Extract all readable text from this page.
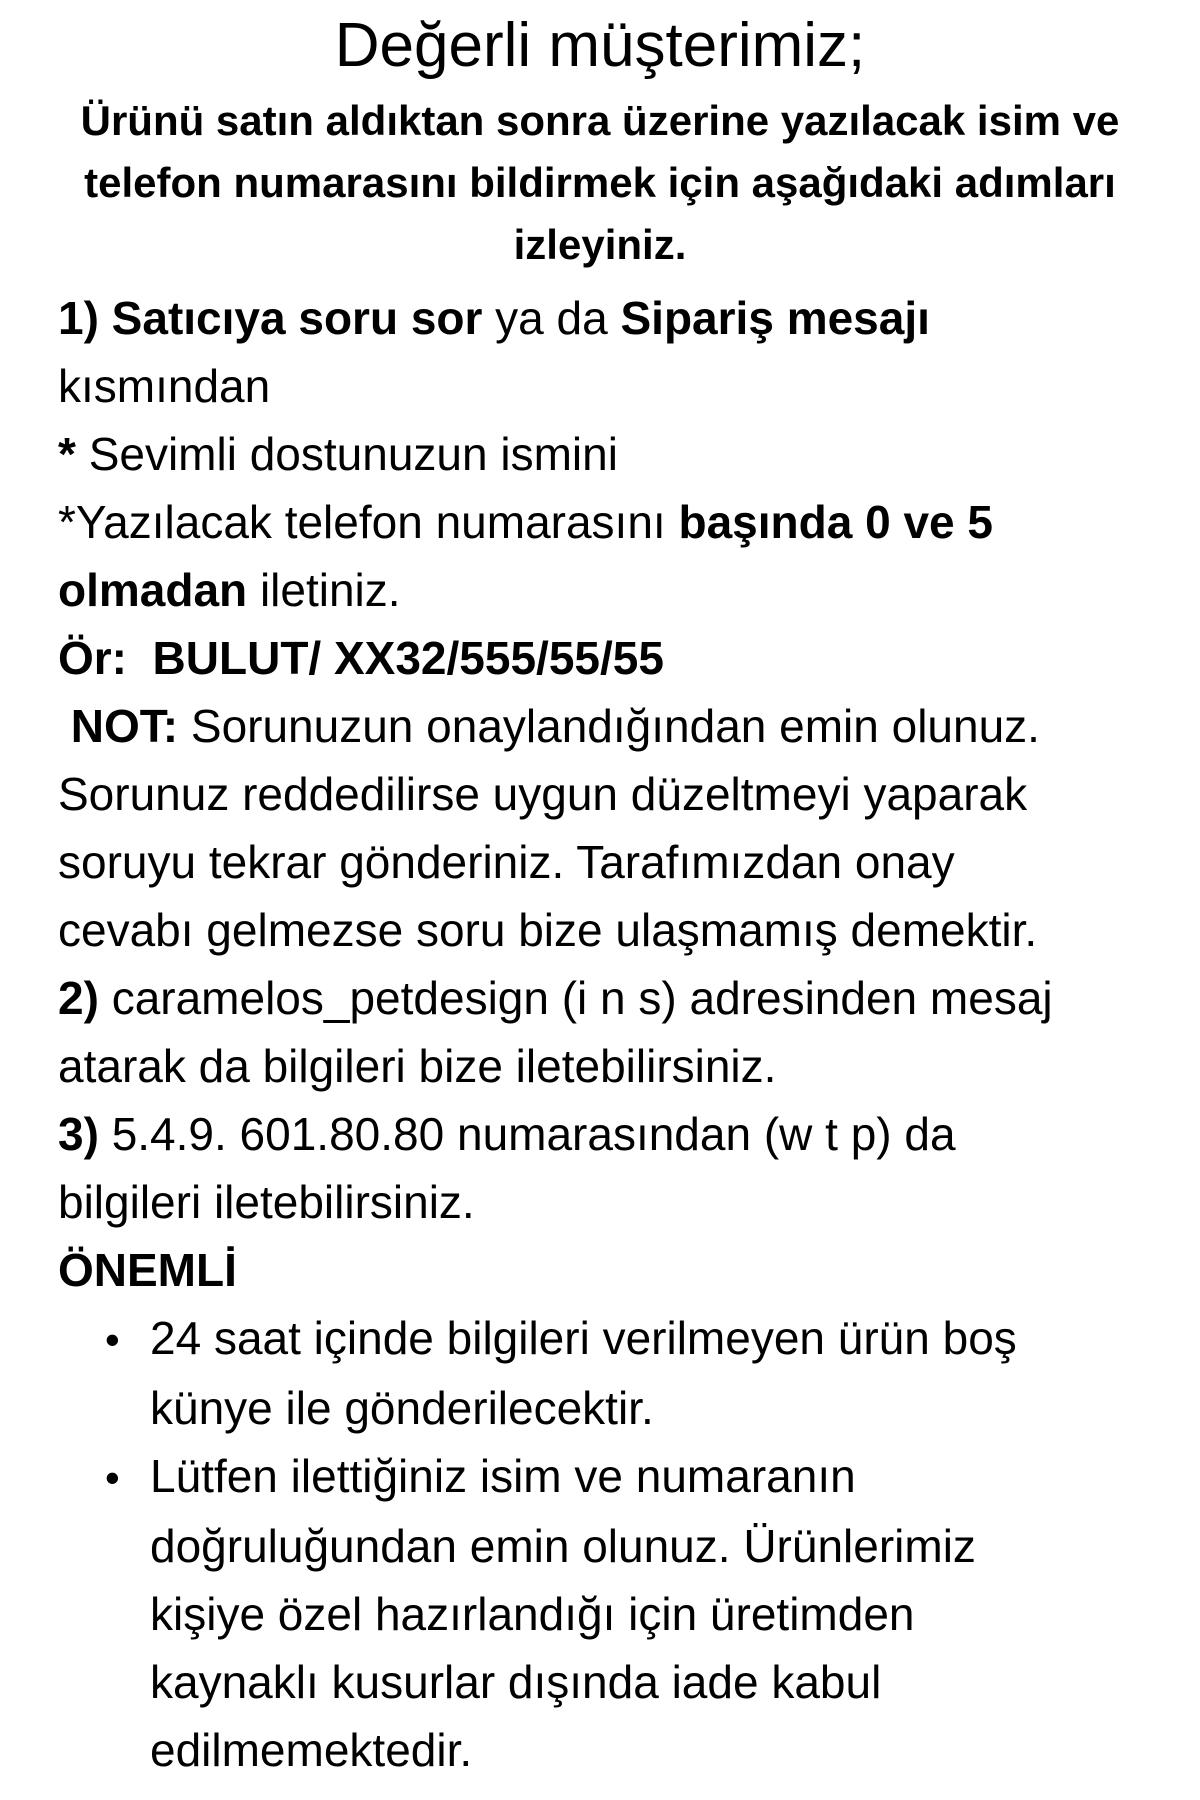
Değerli müşterimiz;
Ürünü satın aldıktan sonra üzerine yazılacak isim ve
telefon numarasını bildirmek için aşağıdaki adımları
izleyiniz.
1) Satıcıya soru sor ya da Sipariş mesajı
kısmından
* Sevimli dostunuzun ismini
*Yazılacak telefon numarasını başında 0 ve 5
olmadan iletiniz.
Ör:  BULUT/ XX32/555/55/55
NOT: Sorunuzun onaylandığından emin olunuz.
Sorunuz reddedilirse uygun düzeltmeyi yaparak
soruyu tekrar gönderiniz. Tarafımızdan onay
cevabı gelmezse soru bize ulaşmamış demektir.
2) caramelos_petdesign (i n s) adresinden mesaj
atarak da bilgileri bize iletebilirsiniz.
3) 5.4.9. 601.80.80 numarasından (w t p) da
bilgileri iletebilirsiniz.
ÖNEMLİ
• 24 saat içinde bilgileri verilmeyen ürün boş
künye ile gönderilecektir.
• Lütfen ilettiğiniz isim ve numaranın
doğruluğundan emin olunuz. Ürünlerimiz
kişiye özel hazırlandığı için üretimden
kaynaklı kusurlar dışında iade kabul
edilmemektedir.
